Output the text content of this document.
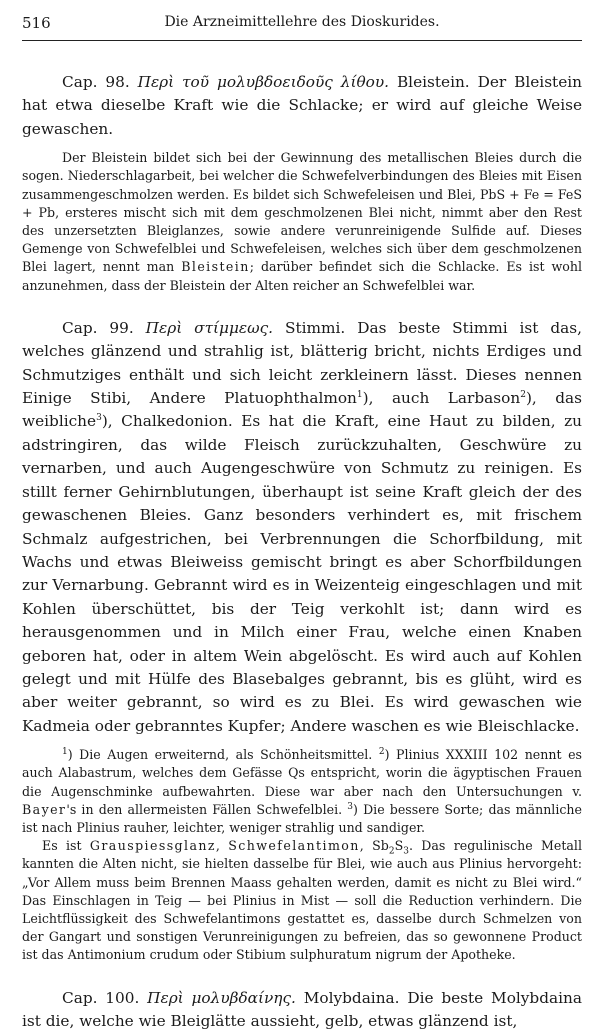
516	Die Arzneimittellehre des Dioskurides.

Cap. 98. Περὶ τοῦ μολυβδοειδοῦς λίθου. Bleistein. Der Bleistein hat etwa dieselbe Kraft wie die Schlacke; er wird auf gleiche Weise gewaschen.

Der Bleistein bildet sich bei der Gewinnung des metallischen Bleies durch die sogen. Niederschlagarbeit, bei welcher die Schwefelverbindungen des Bleies mit Eisen zusammengeschmolzen werden. Es bildet sich Schwefeleisen und Blei, PbS + Fe = FeS + Pb, ersteres mischt sich mit dem geschmolzenen Blei nicht, nimmt aber den Rest des unzersetzten Bleiglanzes, sowie andere verunreinigende Sulfide auf. Dieses Gemenge von Schwefelblei und Schwefeleisen, welches sich über dem geschmolzenen Blei lagert, nennt man Bleistein; darüber befindet sich die Schlacke. Es ist wohl anzunehmen, dass der Bleistein der Alten reicher an Schwefelblei war.

Cap. 99. Περὶ στίμμεως. Stimmi. Das beste Stimmi ist das, welches glänzend und strahlig ist, blätterig bricht, nichts Erdiges und Schmutziges enthält und sich leicht zerkleinern lässt. Dieses nennen Einige Stibi, Andere Platuophthalmon$^1$), auch Larbason$^2$), das weibliche$^3$), Chalkedonion. Es hat die Kraft, eine Haut zu bilden, zu adstringiren, das wilde Fleisch zurückzuhalten, Geschwüre zu vernarben, und auch Augengeschwüre von Schmutz zu reinigen. Es stillt ferner Gehirnblutungen, überhaupt ist seine Kraft gleich der des gewaschenen Bleies. Ganz besonders verhindert es, mit frischem Schmalz aufgestrichen, bei Verbrennungen die Schorfbildung, mit Wachs und etwas Bleiweiss gemischt bringt es aber Schorfbildungen zur Vernarbung. Gebrannt wird es in Weizenteig eingeschlagen und mit Kohlen überschüttet, bis der Teig verkohlt ist; dann wird es herausgenommen und in Milch einer Frau, welche einen Knaben geboren hat, oder in altem Wein abgelöscht. Es wird auch auf Kohlen gelegt und mit Hülfe des Blasebalges gebrannt, bis es glüht, wird es aber weiter gebrannt, so wird es zu Blei. Es wird gewaschen wie Kadmeia oder gebranntes Kupfer; Andere waschen es wie Bleischlacke.

$^1$) Die Augen erweiternd, als Schönheitsmittel. $^2$) Plinius XXXIII 102 nennt es auch Alabastrum, welches dem Gefässe Qs entspricht, worin die ägyptischen Frauen die Augenschminke aufbewahrten. Diese war aber nach den Untersuchungen v. Bayer's in den allermeisten Fällen Schwefelblei. $^3$) Die bessere Sorte; das männliche ist nach Plinius rauher, leichter, weniger strahlig und sandiger.

Es ist Grauspiessglanz, Schwefelantimon, $Sb_2S_3$. Das regulinische Metall kannten die Alten nicht, sie hielten dasselbe für Blei, wie auch aus Plinius hervorgeht: „Vor Allem muss beim Brennen Maass gehalten werden, damit es nicht zu Blei wird.“ Das Einschlagen in Teig — bei Plinius in Mist — soll die Reduction verhindern. Die Leichtflüssigkeit des Schwefelantimons gestattet es, dasselbe durch Schmelzen von der Gangart und sonstigen Verunreinigungen zu befreien, das so gewonnene Product ist das Antimonium crudum oder Stibium sulphuratum nigrum der Apotheke.

Cap. 100. Περὶ μολυβδαίνης. Molybdaina. Die beste Molybdaina ist die, welche wie Bleiglätte aussieht, gelb, etwas glänzend ist,
